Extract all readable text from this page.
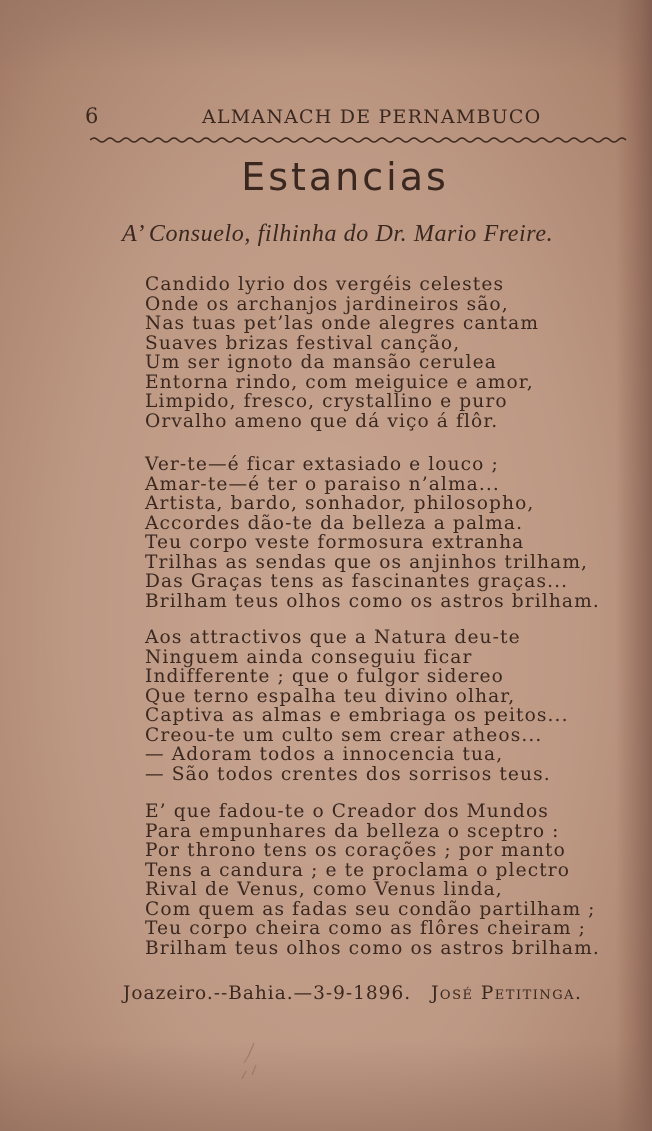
6	ALMANACH DE PERNAMBUCO
Estancias
A’ Consuelo, filhinha do Dr. Mario Freire.
Candido lyrio dos vergéis celestes
Onde os archanjos jardineiros são,
Nas tuas pet’las onde alegres cantam
Suaves brizas festival canção,
Um ser ignoto da mansão cerulea
Entorna rindo, com meiguice e amor,
Limpido, fresco, crystallino e puro
Orvalho ameno que dá viço á flôr.
Ver-te—é ficar extasiado e louco ;
Amar-te—é ter o paraiso n’alma...
Artista, bardo, sonhador, philosopho,
Accordes dão-te da belleza a palma.
Teu corpo veste formosura extranha
Trilhas as sendas que os anjinhos trilham,
Das Graças tens as fascinantes graças...
Brilham teus olhos como os astros brilham.
Aos attractivos que a Natura deu-te
Ninguem ainda conseguiu ficar
Indifferente ; que o fulgor sidereo
Que terno espalha teu divino olhar,
Captiva as almas e embriaga os peitos...
Creou-te um culto sem crear atheos...
— Adoram todos a innocencia tua,
— São todos crentes dos sorrisos teus.
E’ que fadou-te o Creador dos Mundos
Para empunhares da belleza o sceptro :
Por throno tens os corações ; por manto
Tens a candura ; e te proclama o plectro
Rival de Venus, como Venus linda,
Com quem as fadas seu condão partilham ;
Teu corpo cheira como as flôres cheiram ;
Brilham teus olhos como os astros brilham.
Joazeiro.--Bahia.—3-9-1896. José Petitinga.
